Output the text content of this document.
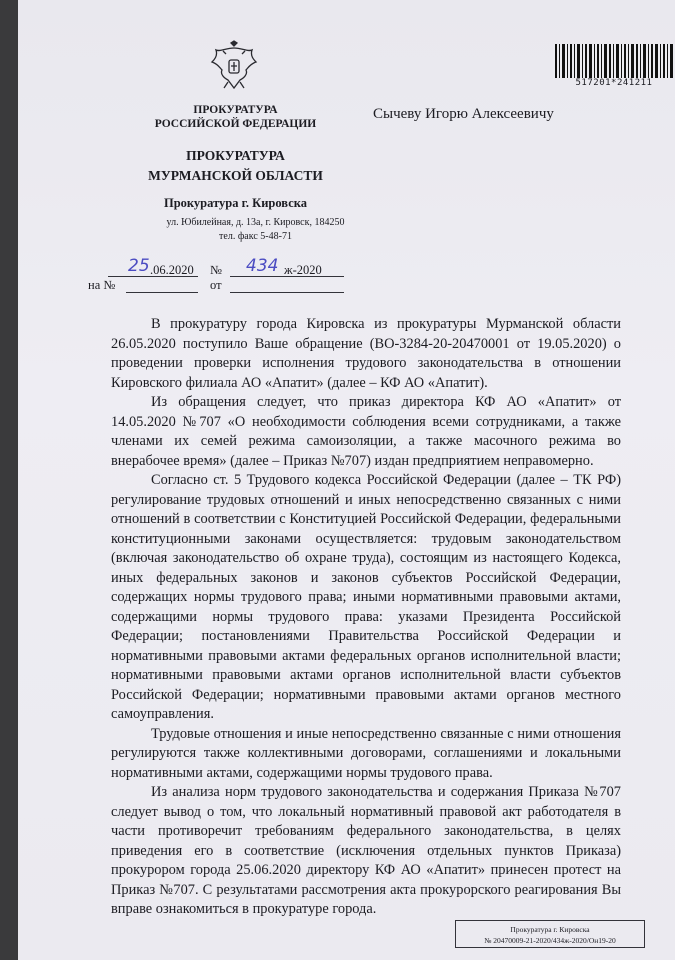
517201*241211
ПРОКУРАТУРА
РОССИЙСКОЙ ФЕДЕРАЦИИ
ПРОКУРАТУРА
МУРМАНСКОЙ ОБЛАСТИ
Прокуратура г. Кировска
ул. Юбилейная, д. 13а, г. Кировск, 184250
тел. факс 5-48-71
Сычеву Игорю Алексеевичу
25 .06.2020 № 434 ж-2020
на №	от

В прокуратуру города Кировска из прокуратуры Мурманской области 26.05.2020 поступило Ваше обращение (ВО-3284-20-20470001 от 19.05.2020) о проведении проверки исполнения трудового законодательства в отношении Кировского филиала АО «Апатит» (далее – КФ АО «Апатит).

Из обращения следует, что приказ директора КФ АО «Апатит» от 14.05.2020 №707 «О необходимости соблюдения всеми сотрудниками, а также членами их семей режима самоизоляции, а также масочного режима во внерабочее время» (далее – Приказ №707) издан предприятием неправомерно.

Согласно ст. 5 Трудового кодекса Российской Федерации (далее – ТК РФ) регулирование трудовых отношений и иных непосредственно связанных с ними отношений в соответствии с Конституцией Российской Федерации, федеральными конституционными законами осуществляется: трудовым законодательством (включая законодательство об охране труда), состоящим из настоящего Кодекса, иных федеральных законов и законов субъектов Российской Федерации, содержащих нормы трудового права; иными нормативными правовыми актами, содержащими нормы трудового права: указами Президента Российской Федерации; постановлениями Правительства Российской Федерации и нормативными правовыми актами федеральных органов исполнительной власти; нормативными правовыми актами органов исполнительной власти субъектов Российской Федерации; нормативными правовыми актами органов местного самоуправления.

Трудовые отношения и иные непосредственно связанные с ними отношения регулируются также коллективными договорами, соглашениями и локальными нормативными актами, содержащими нормы трудового права.

Из анализа норм трудового законодательства и содержания Приказа №707 следует вывод о том, что локальный нормативный правовой акт работодателя в части противоречит требованиям федерального законодательства, в целях приведения его в соответствие (исключения отдельных пунктов Приказа) прокурором города 25.06.2020 директору КФ АО «Апатит» принесен протест на Приказ №707. С результатами рассмотрения акта прокурорского реагирования Вы вправе ознакомиться в прокуратуре города.

Прокуратура г. Кировска
№ 20470009-21-2020/434ж-2020/Он19-20
